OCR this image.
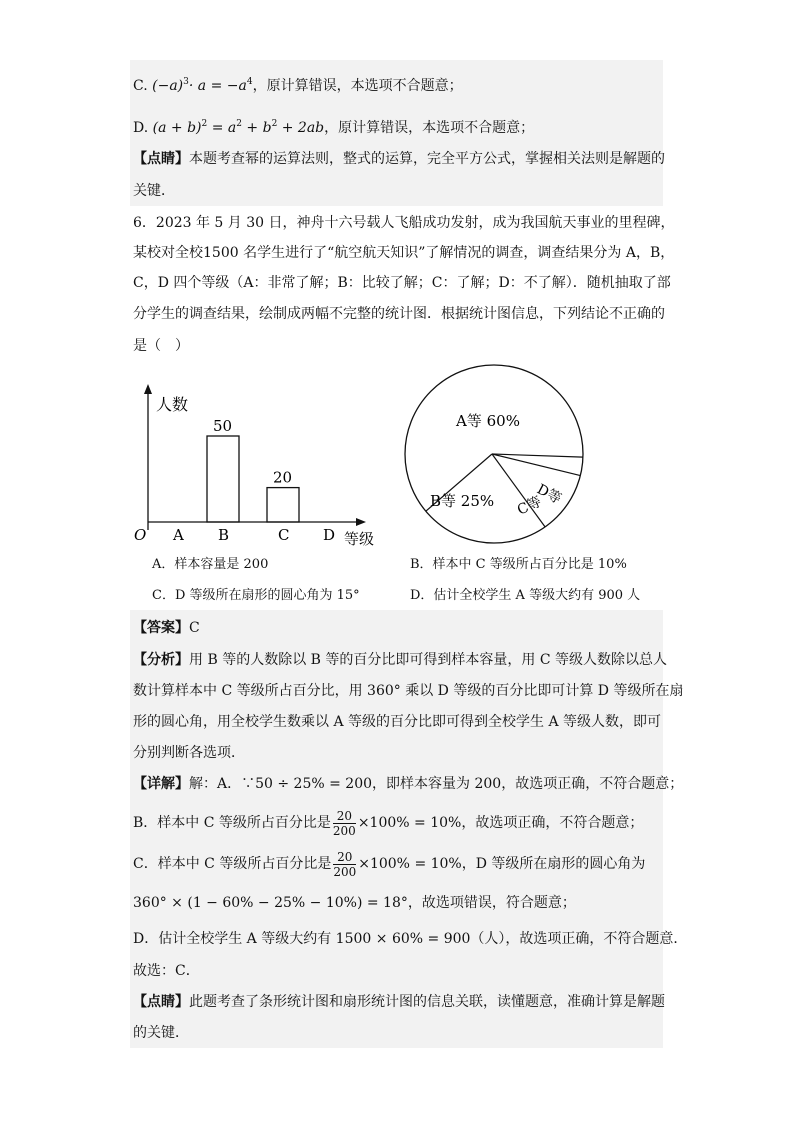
C. $(-a)^3\cdot a = -a^4$，原计算错误，本选项不合题意；
D. $(a + b)^2 = a^2 + b^2 + 2ab$，原计算错误，本选项不合题意；
【点睛】本题考查幂的运算法则，整式的运算，完全平方公式，掌握相关法则是解题的
关键．
6．2023 年 5 月 30 日，神舟十六号载人飞船成功发射，成为我国航天事业的里程碑，
某校对全校1500 名学生进行了“航空航天知识”了解情况的调查，调查结果分为 A，B，
C，D 四个等级（A：非常了解；B：比较了解；C：了解；D：不了解）．随机抽取了部
分学生的调查结果，绘制成两幅不完整的统计图．根据统计图信息，下列结论不正确的
是（　）
人数
O	等级
A B
50
C
20
D
A等 60%
B等 25% C等
D等
A．样本容量是 200	B．样本中 C 等级所占百分比是 10%
C．D 等级所在扇形的圆心角为 15°	D．估计全校学生 A 等级大约有 900 人
【答案】C
【分析】用 B 等的人数除以 B 等的百分比即可得到样本容量，用 C 等级人数除以总人
数计算样本中 C 等级所占百分比，用 360° 乘以 D 等级的百分比即可计算 D 等级所在扇
形的圆心角，用全校学生数乘以 A 等级的百分比即可得到全校学生 A 等级人数，即可
分别判断各选项．
【详解】解：A．∵50 ÷ 25% = 200，即样本容量为 200，故选项正确，不符合题意；
B．样本中 C 等级所占百分比是 $\frac{20}{200} \times 100\% = 10\%$，故选项正确，不符合题意；
C．样本中 C 等级所占百分比是 $\frac{20}{200} \times 100\% = 10\%$，D 等级所在扇形的圆心角为
360° × (1 − 60% − 25% − 10%) = 18°，故选项错误，符合题意；
D．估计全校学生 A 等级大约有 1500 × 60% = 900（人），故选项正确，不符合题意．
故选：C．
【点睛】此题考查了条形统计图和扇形统计图的信息关联，读懂题意，准确计算是解题
的关键．
